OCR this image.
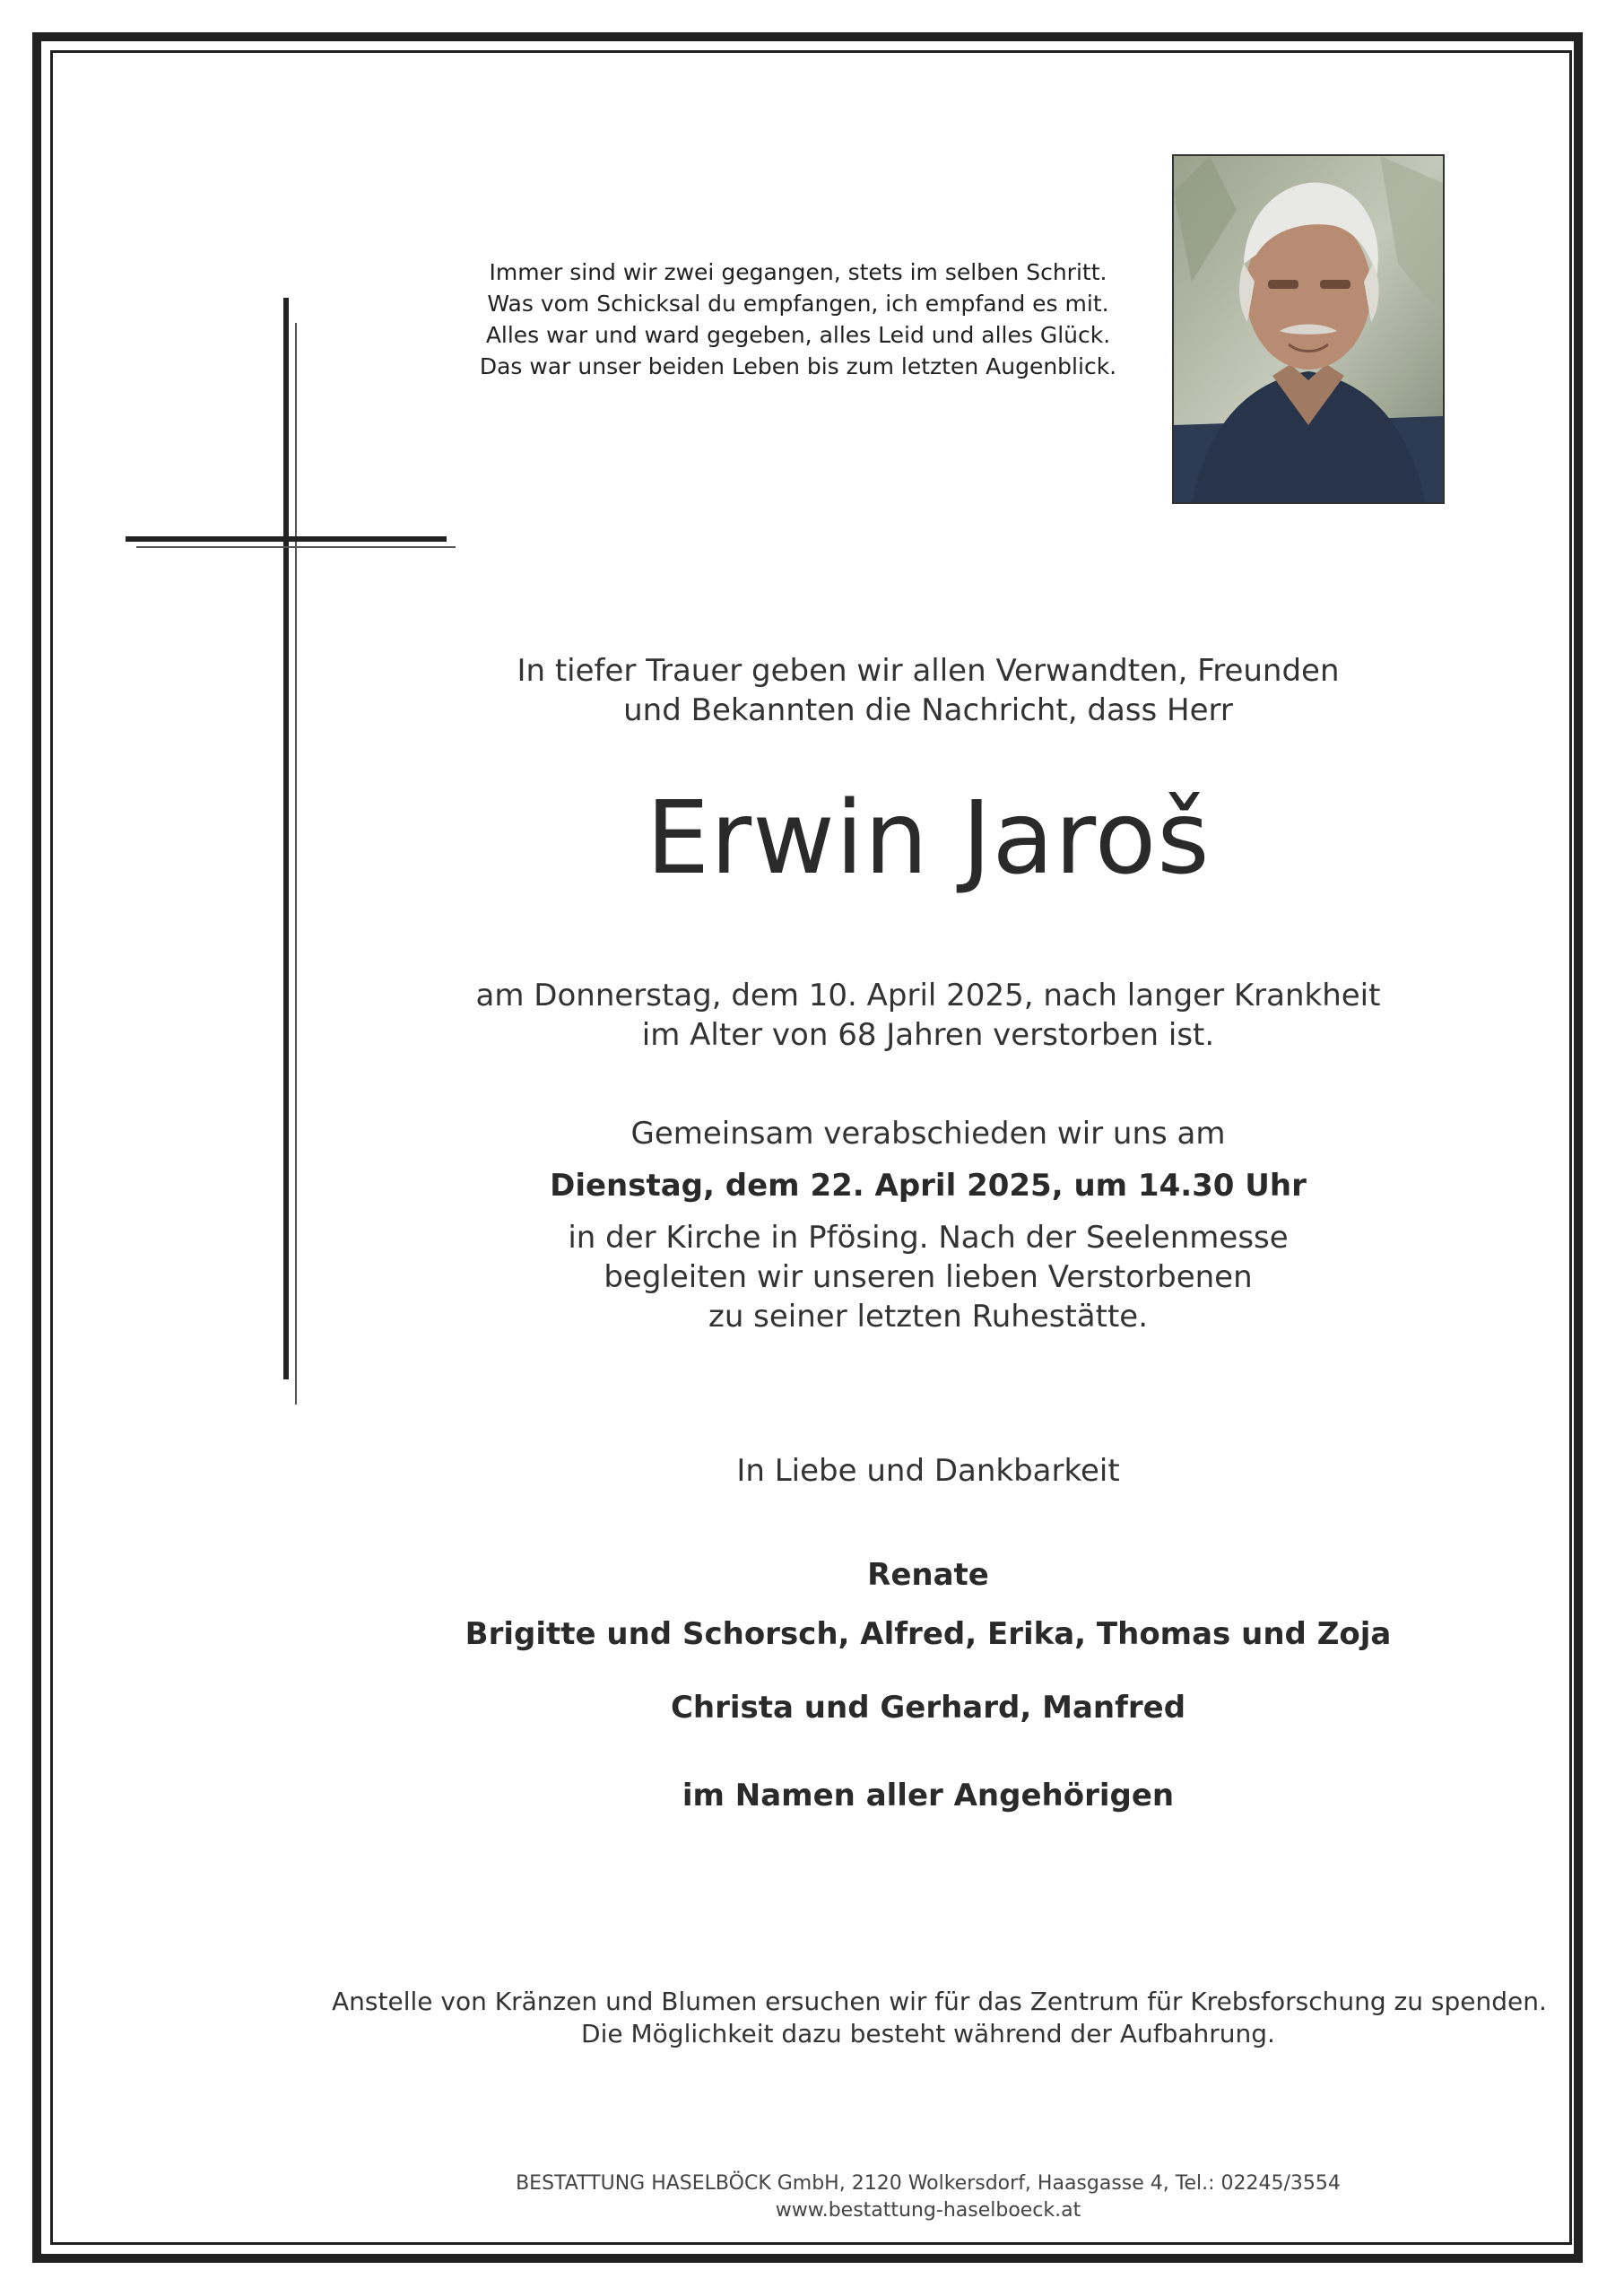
Immer sind wir zwei gegangen, stets im selben Schritt.
Was vom Schicksal du empfangen, ich empfand es mit.
Alles war und ward gegeben, alles Leid und alles Glück.
Das war unser beiden Leben bis zum letzten Augenblick.
In tiefer Trauer geben wir allen Verwandten, Freunden
und Bekannten die Nachricht, dass Herr
Erwin Jaroš
am Donnerstag, dem 10. April 2025, nach langer Krankheit
im Alter von 68 Jahren verstorben ist.
Gemeinsam verabschieden wir uns am
Dienstag, dem 22. April 2025, um 14.30 Uhr
in der Kirche in Pfösing. Nach der Seelenmesse
begleiten wir unseren lieben Verstorbenen
zu seiner letzten Ruhestätte.
In Liebe und Dankbarkeit
Renate
Brigitte und Schorsch, Alfred, Erika, Thomas und Zoja
Christa und Gerhard, Manfred
im Namen aller Angehörigen
Anstelle von Kränzen und Blumen ersuchen wir für das Zentrum für Krebsforschung zu spenden.
Die Möglichkeit dazu besteht während der Aufbahrung.
BESTATTUNG HASELBÖCK GmbH, 2120 Wolkersdorf, Haasgasse 4, Tel.: 02245/3554
www.bestattung-haselboeck.at
